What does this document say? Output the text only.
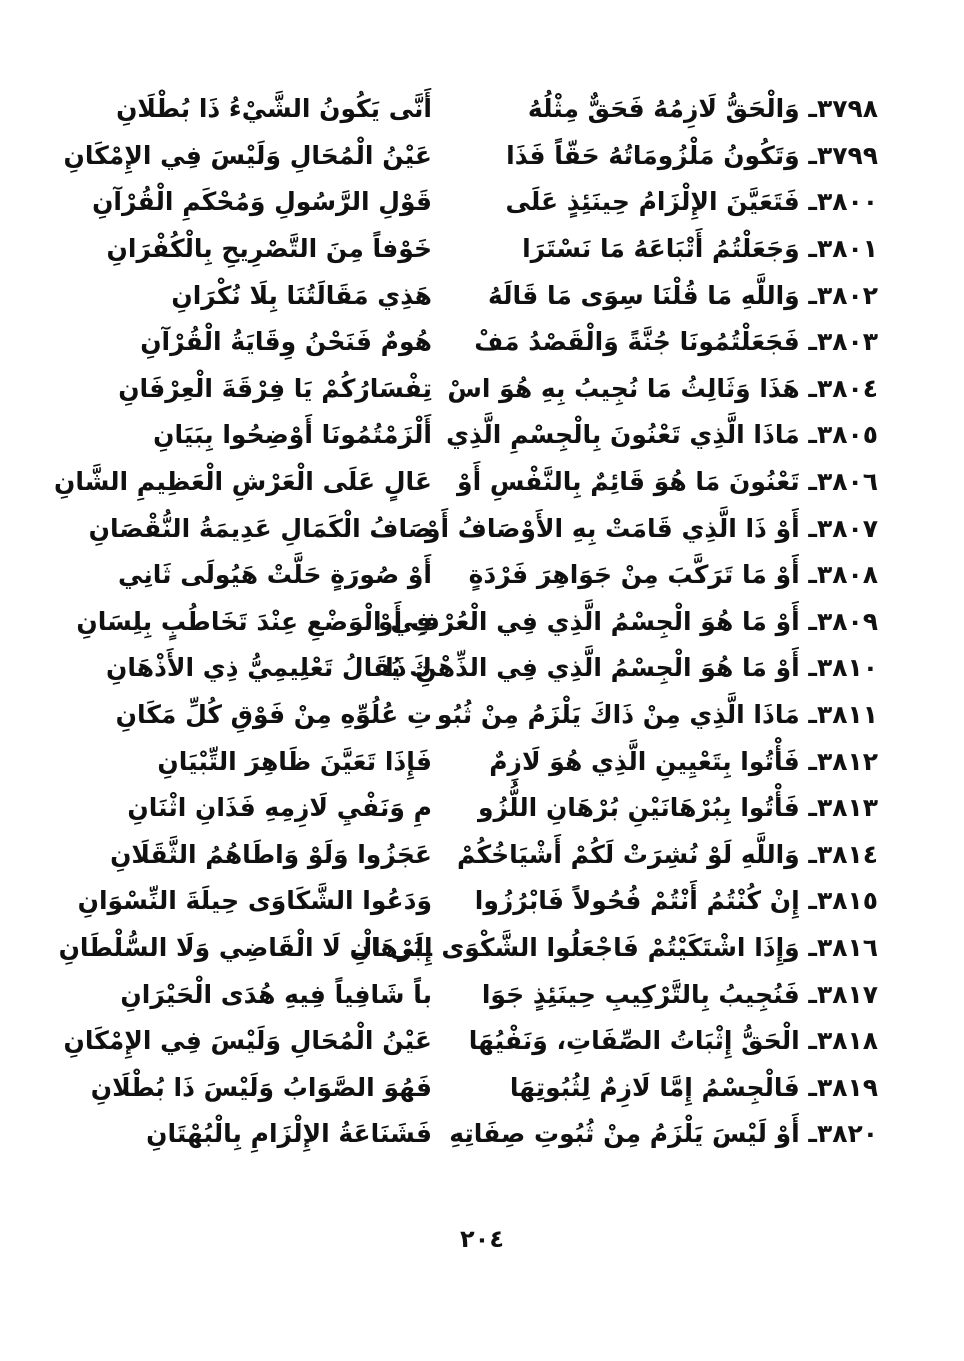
٣٧٩٨ـ وَالْحَقُّ لَازِمُهُ فَحَقٌّ مِثْلُهُ
أَنَّى يَكُونُ الشَّيْءُ ذَا بُطْلَانِ
٣٧٩٩ـ وَتَكُونُ مَلْزُومَاتُهُ حَقّاً فَذَا
عَيْنُ الْمُحَالِ وَلَيْسَ فِي الإِمْكَانِ
٣٨٠٠ـ فَتَعَيَّنَ الإِلْزَامُ حِينَئِذٍ عَلَى
قَوْلِ الرَّسُولِ وَمُحْكَمِ الْقُرْآنِ
٣٨٠١ـ وَجَعَلْتُمُ أَتْبَاعَهُ مَا نَسْتَرَا
خَوْفاً مِنَ التَّصْرِيحِ بِالْكُفْرَانِ
٣٨٠٢ـ وَاللَّهِ مَا قُلْنَا سِوَى مَا قَالَهُ
هَذِي مَقَالَتُنَا بِلَا نُكْرَانِ
٣٨٠٣ـ فَجَعَلْتُمُونَا جُنَّةً وَالْقَصْدُ مَفْ
هُومٌ فَنَحْنُ وِقَايَةُ الْقُرْآنِ
٣٨٠٤ـ هَذَا وَثَالِثُ مَا نُجِيبُ بِهِ هُوَ اسْ
تِفْسَارُكُمْ يَا فِرْقَةَ الْعِرْفَانِ
٣٨٠٥ـ مَاذَا الَّذِي تَعْنُونَ بِالْجِسْمِ الَّذِي
أَلْزَمْتُمُونَا أَوْضِحُوا بِبَيَانِ
٣٨٠٦ـ تَعْنُونَ مَا هُوَ قَائِمٌ بِالنَّفْسِ أَوْ
عَالٍ عَلَى الْعَرْشِ الْعَظِيمِ الشَّانِ
٣٨٠٧ـ أَوْ ذَا الَّذِي قَامَتْ بِهِ الأَوْصَافُ أَوْ
صَافُ الْكَمَالِ عَدِيمَةُ النُّقْصَانِ
٣٨٠٨ـ أَوْ مَا تَرَكَّبَ مِنْ جَوَاهِرَ فَرْدَةٍ
أَوْ صُورَةٍ حَلَّتْ هَيُولَى ثَانِي
٣٨٠٩ـ أَوْ مَا هُوَ الْجِسْمُ الَّذِي فِي الْعُرْفِ أَوْ
فِي الْوَضْعِ عِنْدَ تَخَاطُبٍ بِلِسَانِ
٣٨١٠ـ أَوْ مَا هُوَ الْجِسْمُ الَّذِي فِي الذِّهْنِ ذَا
كَ يُقَالُ تَعْلِيمِيُّ ذِي الأَذْهَانِ
٣٨١١ـ مَاذَا الَّذِي مِنْ ذَاكَ يَلْزَمُ مِنْ ثُبُو
تِ عُلُوِّهِ مِنْ فَوْقِ كُلِّ مَكَانِ
٣٨١٢ـ فَأْتُوا بِتَعْيِينِ الَّذِي هُوَ لَازِمٌ
فَإِذَا تَعَيَّنَ ظَاهِرَ التِّبْيَانِ
٣٨١٣ـ فَأْتُوا بِبُرْهَانَيْنِ بُرْهَانِ اللُّزُو
مِ وَنَفْيِ لَازِمِهِ فَذَانِ اثْنَانِ
٣٨١٤ـ وَاللَّهِ لَوْ نُشِرَتْ لَكُمْ أَشْيَاخُكُمْ
عَجَزُوا وَلَوْ وَاطَاهُمُ الثَّقَلَانِ
٣٨١٥ـ إِنْ كُنْتُمُ أَنْتُمْ فُحُولاً فَابْرُزُوا
وَدَعُوا الشَّكَاوَى حِيلَةَ النِّسْوَانِ
٣٨١٦ـ وَإِذَا اشْتَكَيْتُمْ فَاجْعَلُوا الشَّكْوَى إِلَى الْـ
ـبُرْهَانِ لَا الْقَاضِي وَلَا السُّلْطَانِ
٣٨١٧ـ فَنُجِيبُ بِالتَّرْكِيبِ حِينَئِذٍ جَوَا
باً شَافِياً فِيهِ هُدَى الْحَيْرَانِ
٣٨١٨ـ الْحَقُّ إِثْبَاتُ الصِّفَاتِ، وَنَفْيُهَا
عَيْنُ الْمُحَالِ وَلَيْسَ فِي الإِمْكَانِ
٣٨١٩ـ فَالْجِسْمُ إِمَّا لَازِمٌ لِثُبُوتِهَا
فَهُوَ الصَّوَابُ وَلَيْسَ ذَا بُطْلَانِ
٣٨٢٠ـ أَوْ لَيْسَ يَلْزَمُ مِنْ ثُبُوتِ صِفَاتِهِ
فَشَنَاعَةُ الإِلْزَامِ بِالْبُهْتَانِ
٢٠٤
